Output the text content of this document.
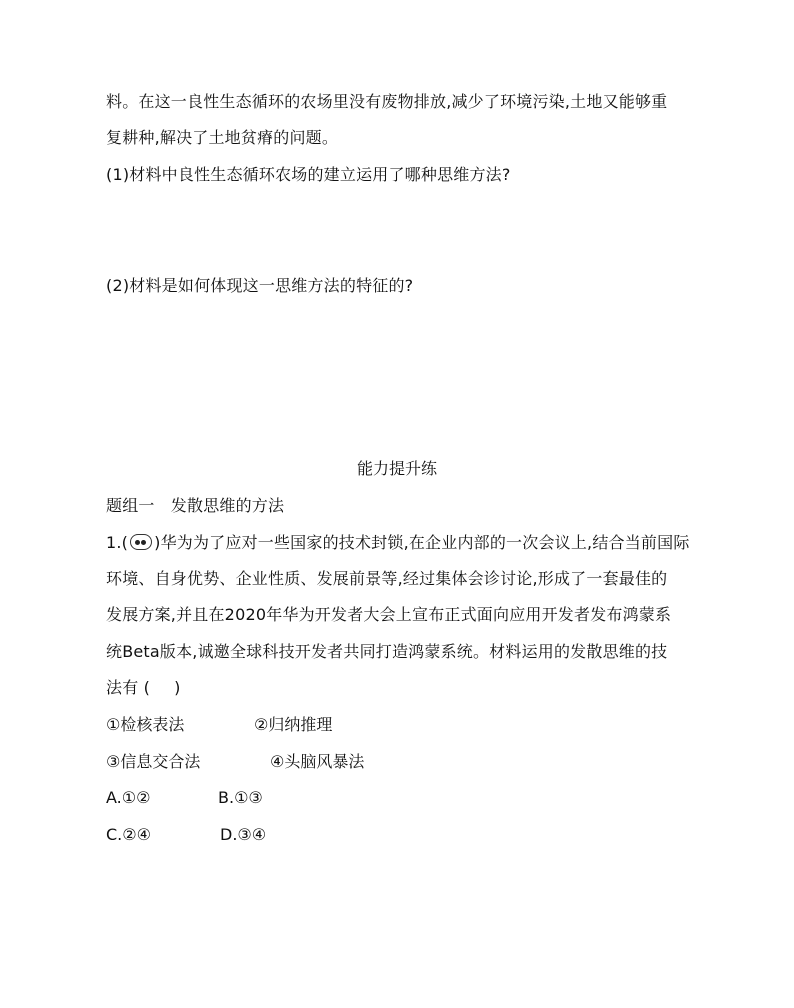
料。在这一良性生态循环的农场里没有废物排放,减少了环境污染,土地又能够重
复耕种,解决了土地贫瘠的问题。
(1)材料中良性生态循环农场的建立运用了哪种思维方法?
(2)材料是如何体现这一思维方法的特征的?
能力提升练
题组一　发散思维的方法
1.( )华为为了应对一些国家的技术封锁,在企业内部的一次会议上,结合当前国际
环境、自身优势、企业性质、发展前景等,经过集体会诊讨论,形成了一套最佳的
发展方案,并且在2020年华为开发者大会上宣布正式面向应用开发者发布鸿蒙系
统Beta版本,诚邀全球科技开发者共同打造鸿蒙系统。材料运用的发散思维的技
法有 ( )
①检核表法	②归纳推理
③信息交合法	④头脑风暴法
A.①②	B.①③
C.②④	D.③④
